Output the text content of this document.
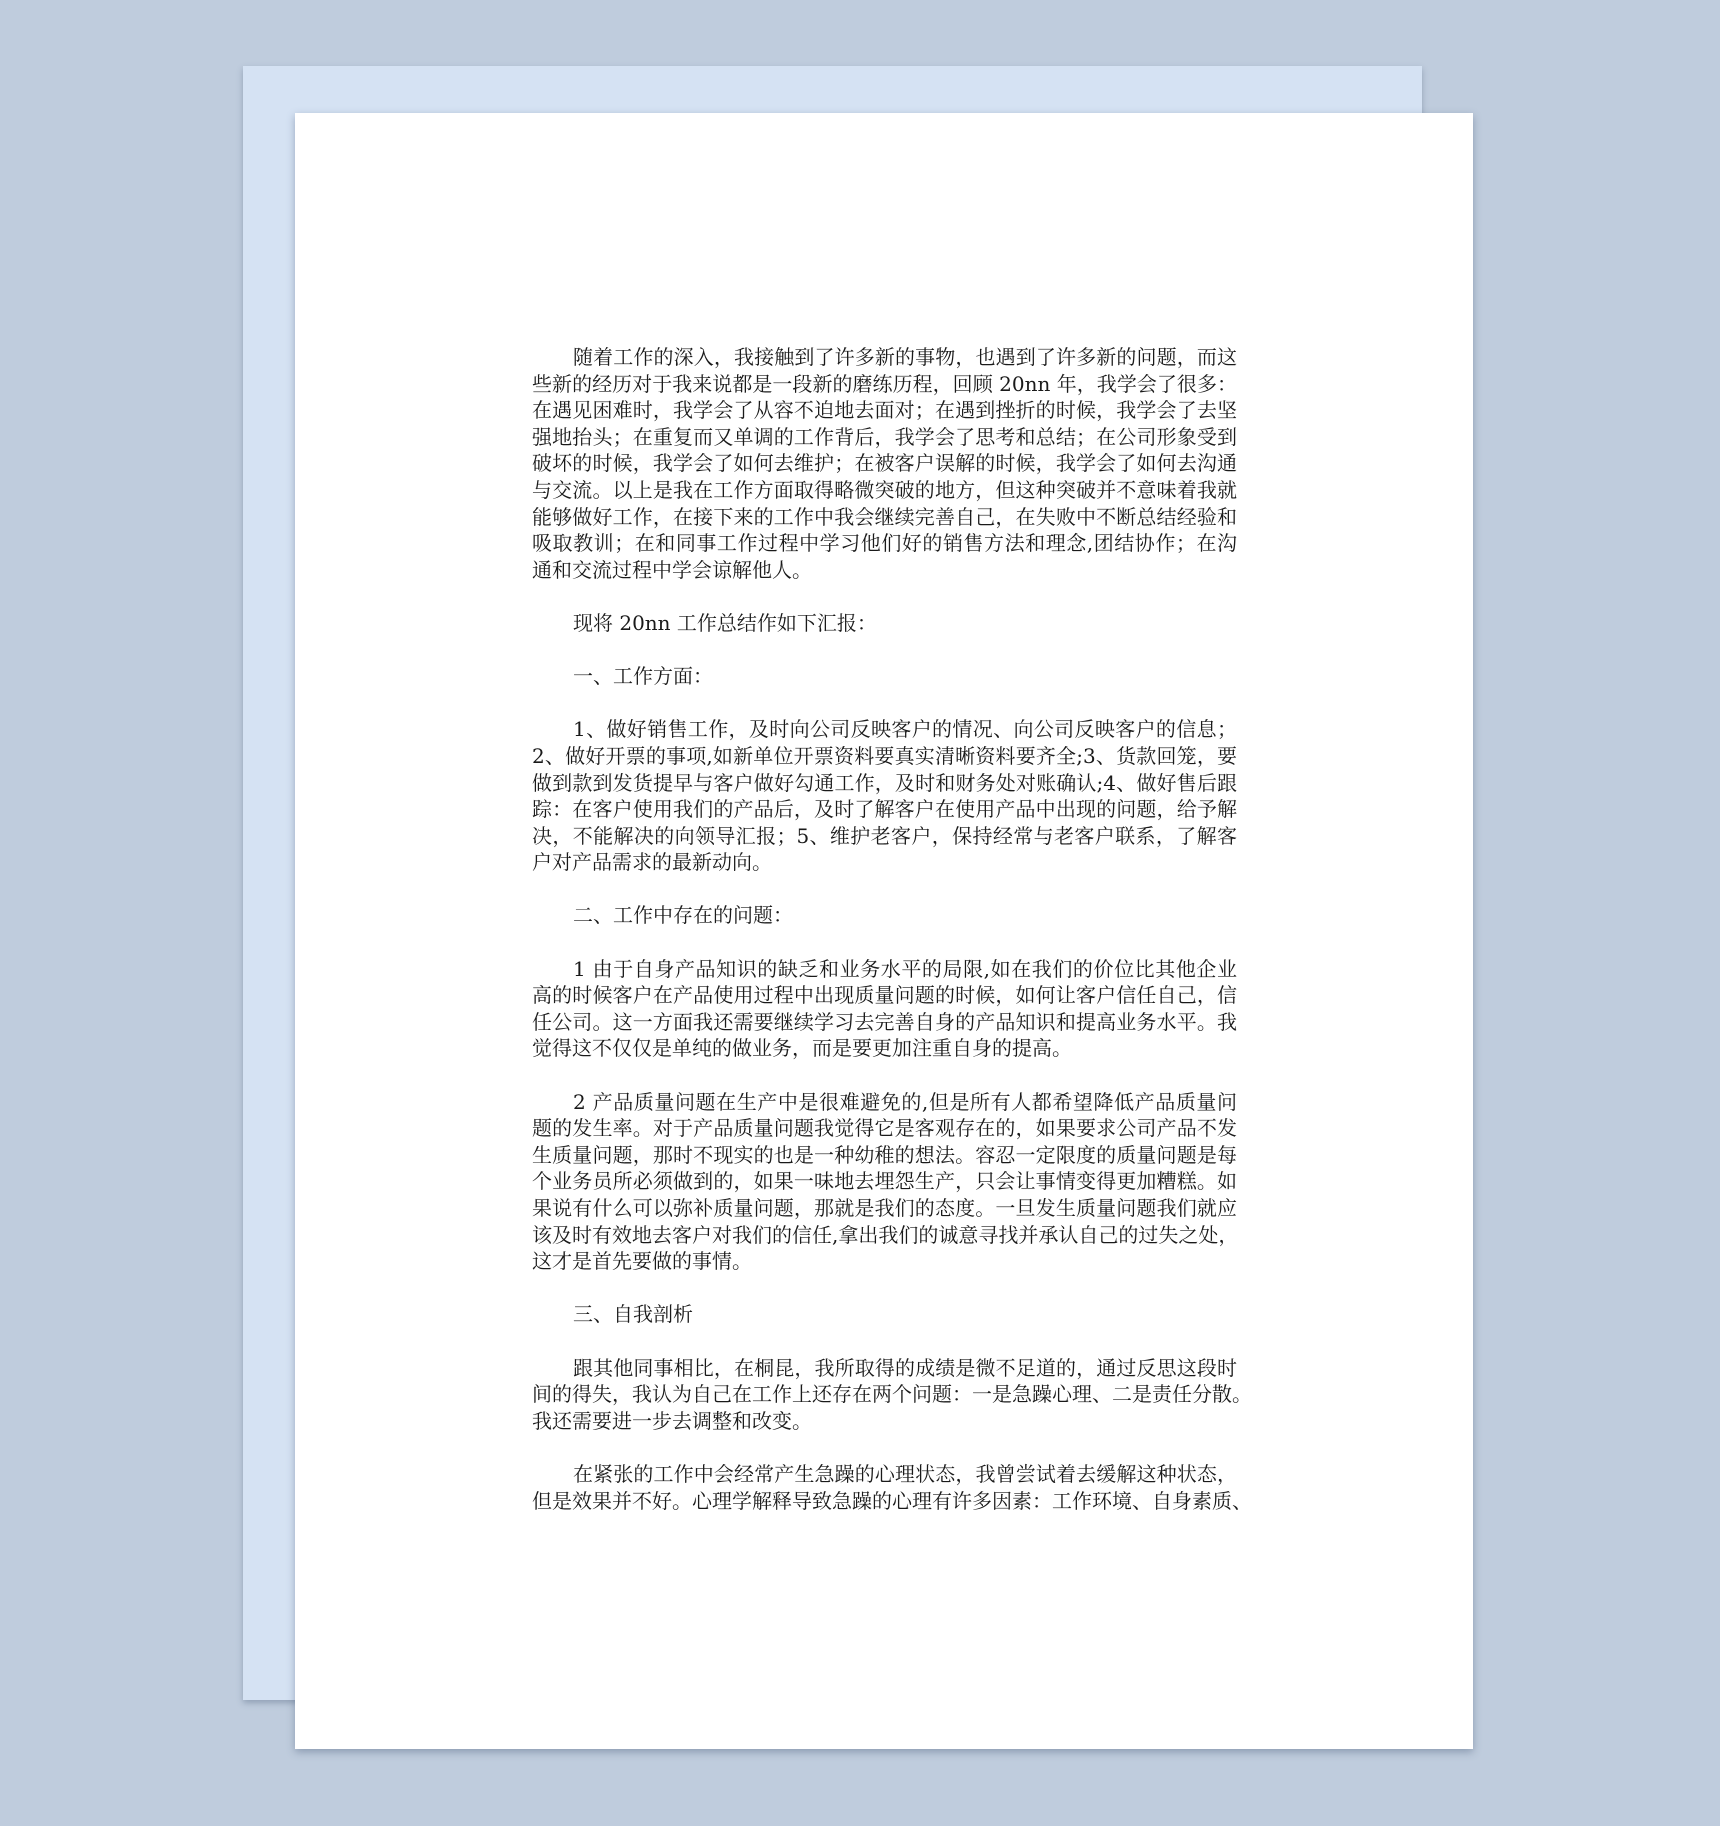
随着工作的深入，我接触到了许多新的事物，也遇到了许多新的问题，而这
些新的经历对于我来说都是一段新的磨练历程，回顾 20nn 年，我学会了很多：
在遇见困难时，我学会了从容不迫地去面对；在遇到挫折的时候，我学会了去坚
强地抬头；在重复而又单调的工作背后，我学会了思考和总结；在公司形象受到
破坏的时候，我学会了如何去维护；在被客户误解的时候，我学会了如何去沟通
与交流。以上是我在工作方面取得略微突破的地方，但这种突破并不意味着我就
能够做好工作，在接下来的工作中我会继续完善自己，在失败中不断总结经验和
吸取教训；在和同事工作过程中学习他们好的销售方法和理念,团结协作；在沟
通和交流过程中学会谅解他人。
现将 20nn 工作总结作如下汇报：
一、工作方面：
1、做好销售工作，及时向公司反映客户的情况、向公司反映客户的信息；
2、做好开票的事项,如新单位开票资料要真实清晰资料要齐全;3、货款回笼，要
做到款到发货提早与客户做好勾通工作，及时和财务处对账确认;4、做好售后跟
踪：在客户使用我们的产品后，及时了解客户在使用产品中出现的问题，给予解
决，不能解决的向领导汇报；5、维护老客户，保持经常与老客户联系，了解客
户对产品需求的最新动向。
二、工作中存在的问题：
1 由于自身产品知识的缺乏和业务水平的局限,如在我们的价位比其他企业
高的时候客户在产品使用过程中出现质量问题的时候，如何让客户信任自己，信
任公司。这一方面我还需要继续学习去完善自身的产品知识和提高业务水平。我
觉得这不仅仅是单纯的做业务，而是要更加注重自身的提高。
2 产品质量问题在生产中是很难避免的,但是所有人都希望降低产品质量问
题的发生率。对于产品质量问题我觉得它是客观存在的，如果要求公司产品不发
生质量问题，那时不现实的也是一种幼稚的想法。容忍一定限度的质量问题是每
个业务员所必须做到的，如果一味地去埋怨生产，只会让事情变得更加糟糕。如
果说有什么可以弥补质量问题，那就是我们的态度。一旦发生质量问题我们就应
该及时有效地去客户对我们的信任,拿出我们的诚意寻找并承认自己的过失之处，
这才是首先要做的事情。
三、自我剖析
跟其他同事相比，在桐昆，我所取得的成绩是微不足道的，通过反思这段时
间的得失，我认为自己在工作上还存在两个问题：一是急躁心理、二是责任分散。
我还需要进一步去调整和改变。
在紧张的工作中会经常产生急躁的心理状态，我曾尝试着去缓解这种状态，
但是效果并不好。心理学解释导致急躁的心理有许多因素：工作环境、自身素质、
